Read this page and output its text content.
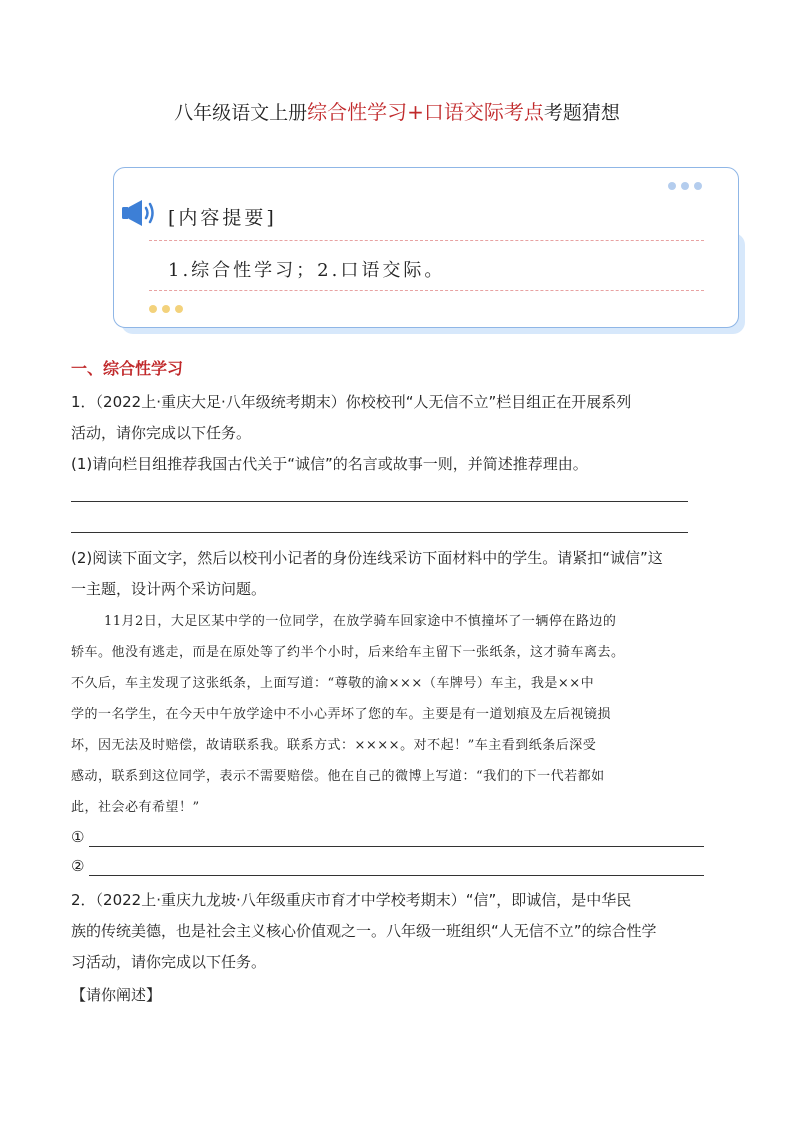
八年级语文上册综合性学习+口语交际考点考题猜想
[内容提要]
1.综合性学习；2.口语交际。
一、综合性学习
1．（2022上·重庆大足·八年级统考期末）你校校刊“人无信不立”栏目组正在开展系列
活动，请你完成以下任务。
(1)请向栏目组推荐我国古代关于“诚信”的名言或故事一则，并简述推荐理由。
(2)阅读下面文字，然后以校刊小记者的身份连线采访下面材料中的学生。请紧扣“诚信”这
一主题，设计两个采访问题。
11月2日，大足区某中学的一位同学，在放学骑车回家途中不慎撞坏了一辆停在路边的
轿车。他没有逃走，而是在原处等了约半个小时，后来给车主留下一张纸条，这才骑车离去。
不久后，车主发现了这张纸条，上面写道：“尊敬的渝×××（车牌号）车主，我是××中
学的一名学生，在今天中午放学途中不小心弄坏了您的车。主要是有一道划痕及左后视镜损
坏，因无法及时赔偿，故请联系我。联系方式：××××。对不起！”车主看到纸条后深受
感动，联系到这位同学，表示不需要赔偿。他在自己的微博上写道：“我们的下一代若都如
此，社会必有希望！”
①
②
2．（2022上·重庆九龙坡·八年级重庆市育才中学校考期末）“信”，即诚信，是中华民
族的传统美德，也是社会主义核心价值观之一。八年级一班组织“人无信不立”的综合性学
习活动，请你完成以下任务。
【请你阐述】
